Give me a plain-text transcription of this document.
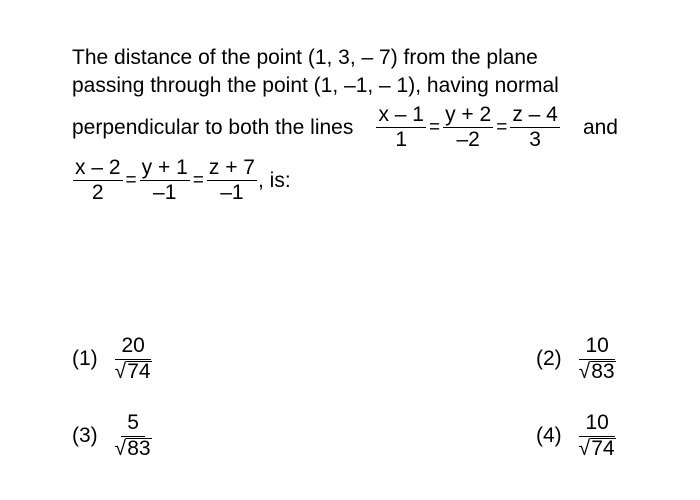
The distance of the point (1, 3, – 7) from the plane
passing through the point (1, –1, – 1), having normal
perpendicular to both the lines $\frac{x - 1}{1} = \frac{y + 2}{-2} = \frac{z - 4}{3}$ and
$\frac{x - 2}{2} = \frac{y + 1}{-1} = \frac{z + 7}{-1}$ , is:
$(1) \frac{20}{√ 74}$	$(2) \frac{10}{√ 83}$
$(3) \frac{5}{√ 83}$	$(4) \frac{10}{√ 74}$
